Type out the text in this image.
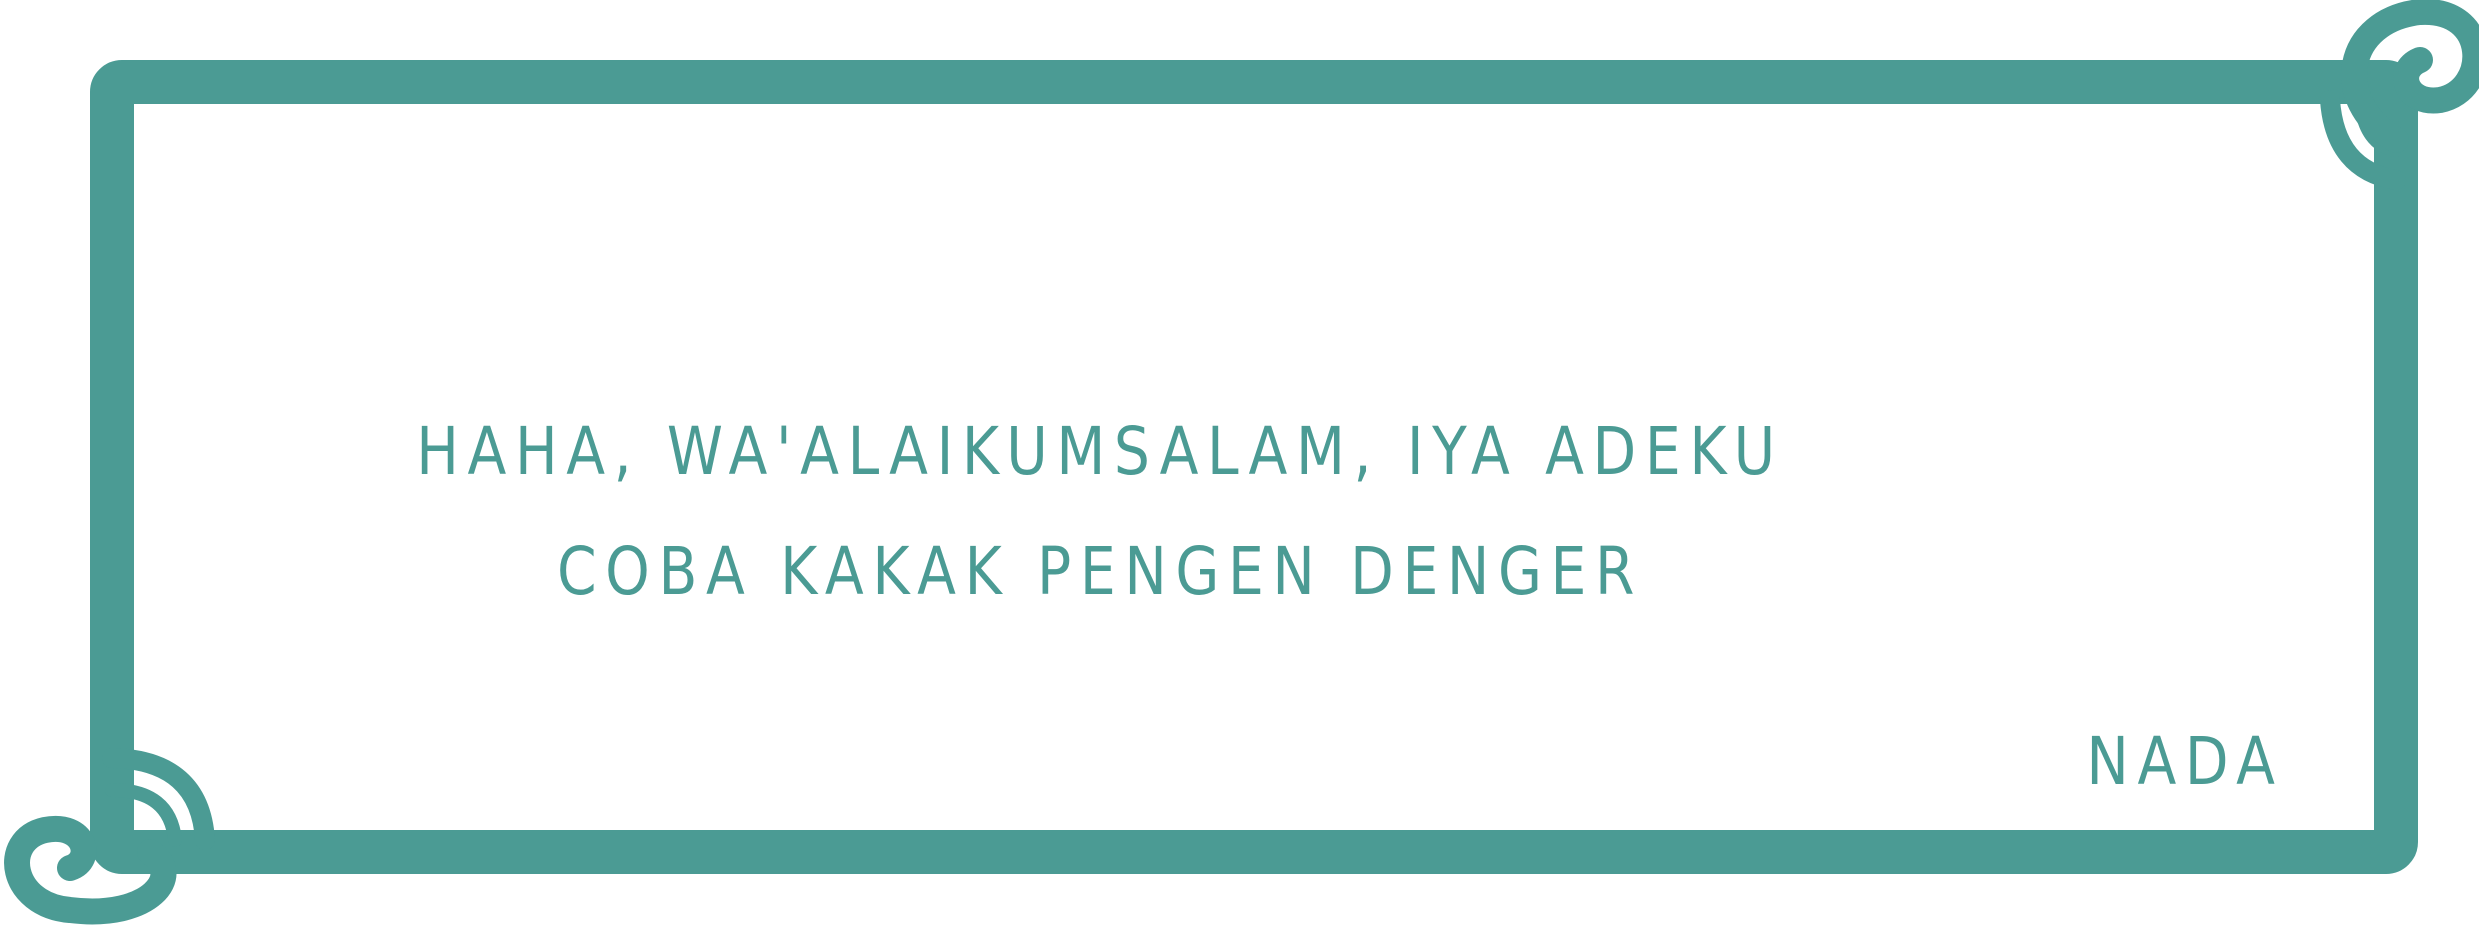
HAHA, WA'ALAIKUMSALAM, IYA ADEKU
COBA KAKAK PENGEN DENGER
NADA
